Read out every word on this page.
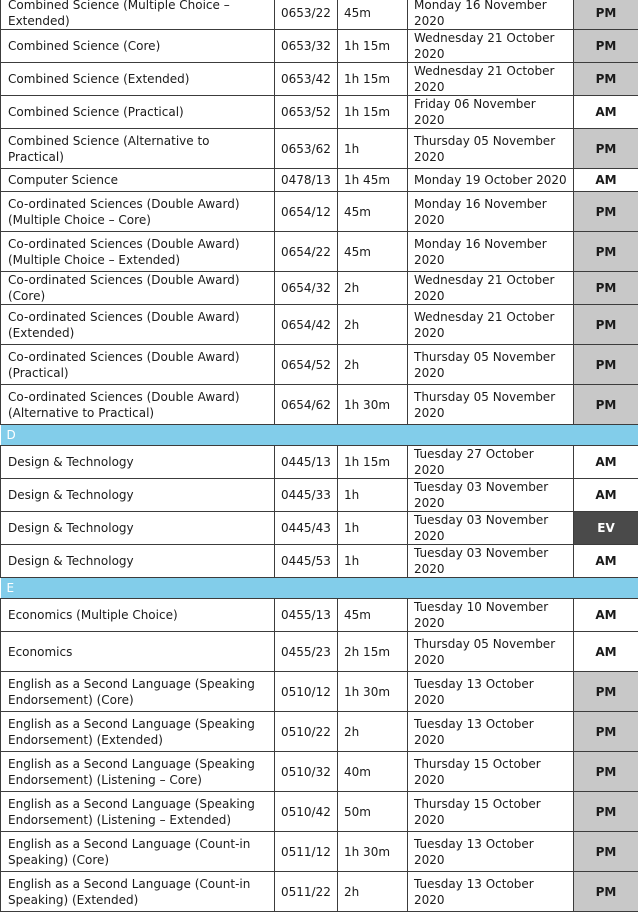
Combined Science (Multiple Choice – Extended)	0653/22	45m	Monday 16 November 2020	PM
Combined Science (Core)	0653/32	1h 15m	Wednesday 21 October 2020	PM
Combined Science (Extended)	0653/42	1h 15m	Wednesday 21 October 2020	PM
Combined Science (Practical)	0653/52	1h 15m	Friday 06 November 2020	AM
Combined Science (Alternative to Practical)	0653/62	1h	Thursday 05 November 2020	PM
Computer Science	0478/13	1h 45m	Monday 19 October 2020	AM
Co-ordinated Sciences (Double Award) (Multiple Choice – Core)	0654/12	45m	Monday 16 November 2020	PM
Co-ordinated Sciences (Double Award) (Multiple Choice – Extended)	0654/22	45m	Monday 16 November 2020	PM
Co-ordinated Sciences (Double Award) (Core)	0654/32	2h	Wednesday 21 October 2020	PM
Co-ordinated Sciences (Double Award) (Extended)	0654/42	2h	Wednesday 21 October 2020	PM
Co-ordinated Sciences (Double Award) (Practical)	0654/52	2h	Thursday 05 November 2020	PM
Co-ordinated Sciences (Double Award) (Alternative to Practical)	0654/62	1h 30m	Thursday 05 November 2020	PM
D				
Design & Technology	0445/13	1h 15m	Tuesday 27 October 2020	AM
Design & Technology	0445/33	1h	Tuesday 03 November 2020	AM
Design & Technology	0445/43	1h	Tuesday 03 November 2020	EV
Design & Technology	0445/53	1h	Tuesday 03 November 2020	AM
E				
Economics (Multiple Choice)	0455/13	45m	Tuesday 10 November 2020	AM
Economics	0455/23	2h 15m	Thursday 05 November 2020	AM
English as a Second Language (Speaking Endorsement) (Core)	0510/12	1h 30m	Tuesday 13 October 2020	PM
English as a Second Language (Speaking Endorsement) (Extended)	0510/22	2h	Tuesday 13 October 2020	PM
English as a Second Language (Speaking Endorsement) (Listening – Core)	0510/32	40m	Thursday 15 October 2020	PM
English as a Second Language (Speaking Endorsement) (Listening – Extended)	0510/42	50m	Thursday 15 October 2020	PM
English as a Second Language (Count-in Speaking) (Core)	0511/12	1h 30m	Tuesday 13 October 2020	PM
English as a Second Language (Count-in Speaking) (Extended)	0511/22	2h	Tuesday 13 October 2020	PM
